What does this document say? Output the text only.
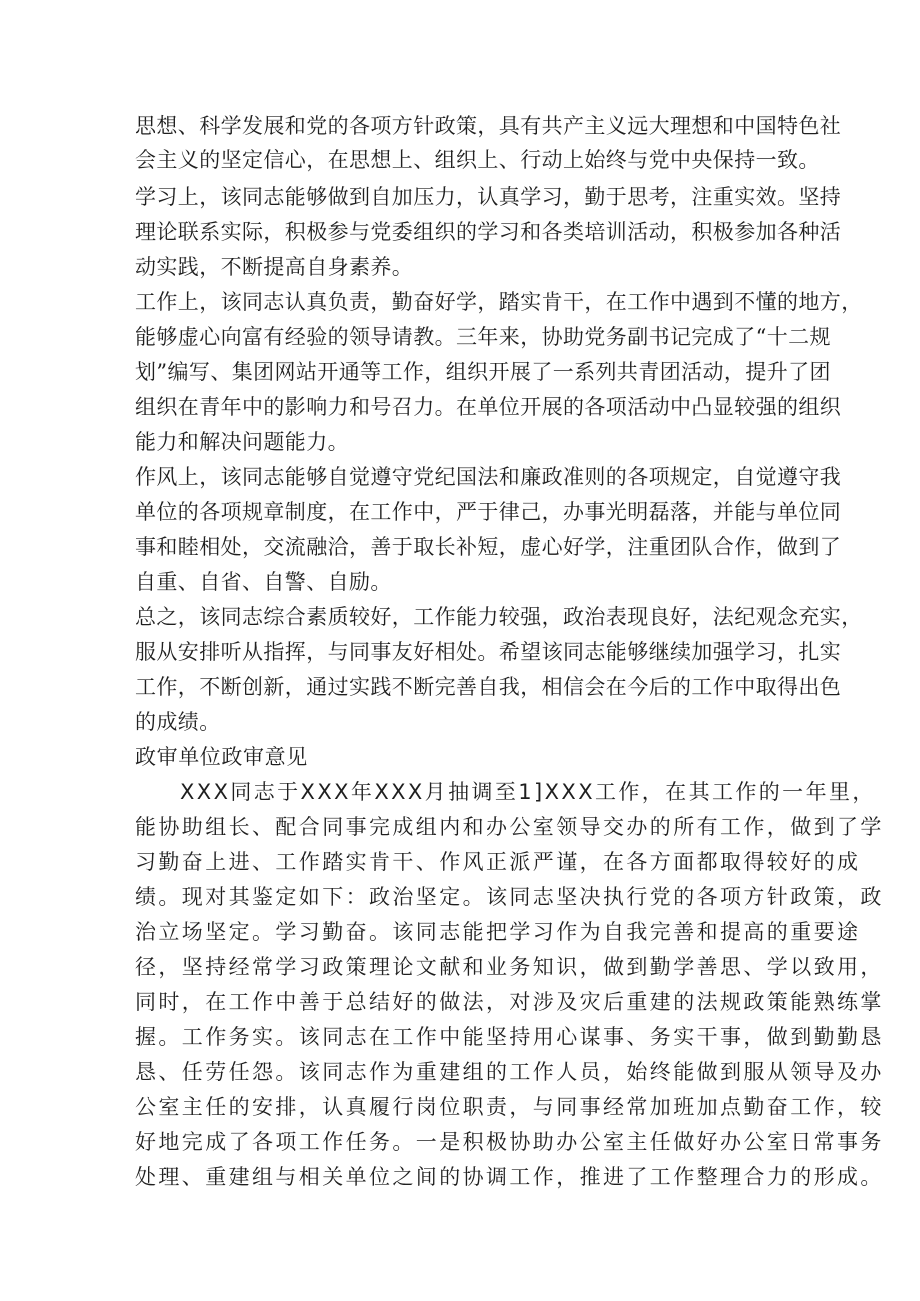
思想、科学发展和党的各项方针政策，具有共产主义远大理想和中国特色社
会主义的坚定信心，在思想上、组织上、行动上始终与党中央保持一致。
学习上，该同志能够做到自加压力，认真学习，勤于思考，注重实效。坚持
理论联系实际，积极参与党委组织的学习和各类培训活动，积极参加各种活
动实践，不断提高自身素养。
工作上，该同志认真负责，勤奋好学，踏实肯干，在工作中遇到不懂的地方，
能够虚心向富有经验的领导请教。三年来，协助党务副书记完成了“十二规
划”编写、集团网站开通等工作，组织开展了一系列共青团活动，提升了团
组织在青年中的影响力和号召力。在单位开展的各项活动中凸显较强的组织
能力和解决问题能力。
作风上，该同志能够自觉遵守党纪国法和廉政准则的各项规定，自觉遵守我
单位的各项规章制度，在工作中，严于律己，办事光明磊落，并能与单位同
事和睦相处，交流融洽，善于取长补短，虚心好学，注重团队合作，做到了
自重、自省、自警、自励。
总之，该同志综合素质较好，工作能力较强，政治表现良好，法纪观念充实，
服从安排听从指挥，与同事友好相处。希望该同志能够继续加强学习，扎实
工作，不断创新，通过实践不断完善自我，相信会在今后的工作中取得出色
的成绩。
政审单位政审意见
XXX同志于XXX年XXX月抽调至1]XXX工作，在其工作的一年里，
能协助组长、配合同事完成组内和办公室领导交办的所有工作，做到了学
习勤奋上进、工作踏实肯干、作风正派严谨，在各方面都取得较好的成
绩。现对其鉴定如下：政治坚定。该同志坚决执行党的各项方针政策，政
治立场坚定。学习勤奋。该同志能把学习作为自我完善和提高的重要途
径，坚持经常学习政策理论文献和业务知识，做到勤学善思、学以致用，
同时，在工作中善于总结好的做法，对涉及灾后重建的法规政策能熟练掌
握。工作务实。该同志在工作中能坚持用心谋事、务实干事，做到勤勤恳
恳、任劳任怨。该同志作为重建组的工作人员，始终能做到服从领导及办
公室主任的安排，认真履行岗位职责，与同事经常加班加点勤奋工作，较
好地完成了各项工作任务。一是积极协助办公室主任做好办公室日常事务
处理、重建组与相关单位之间的协调工作，推进了工作整理合力的形成。
